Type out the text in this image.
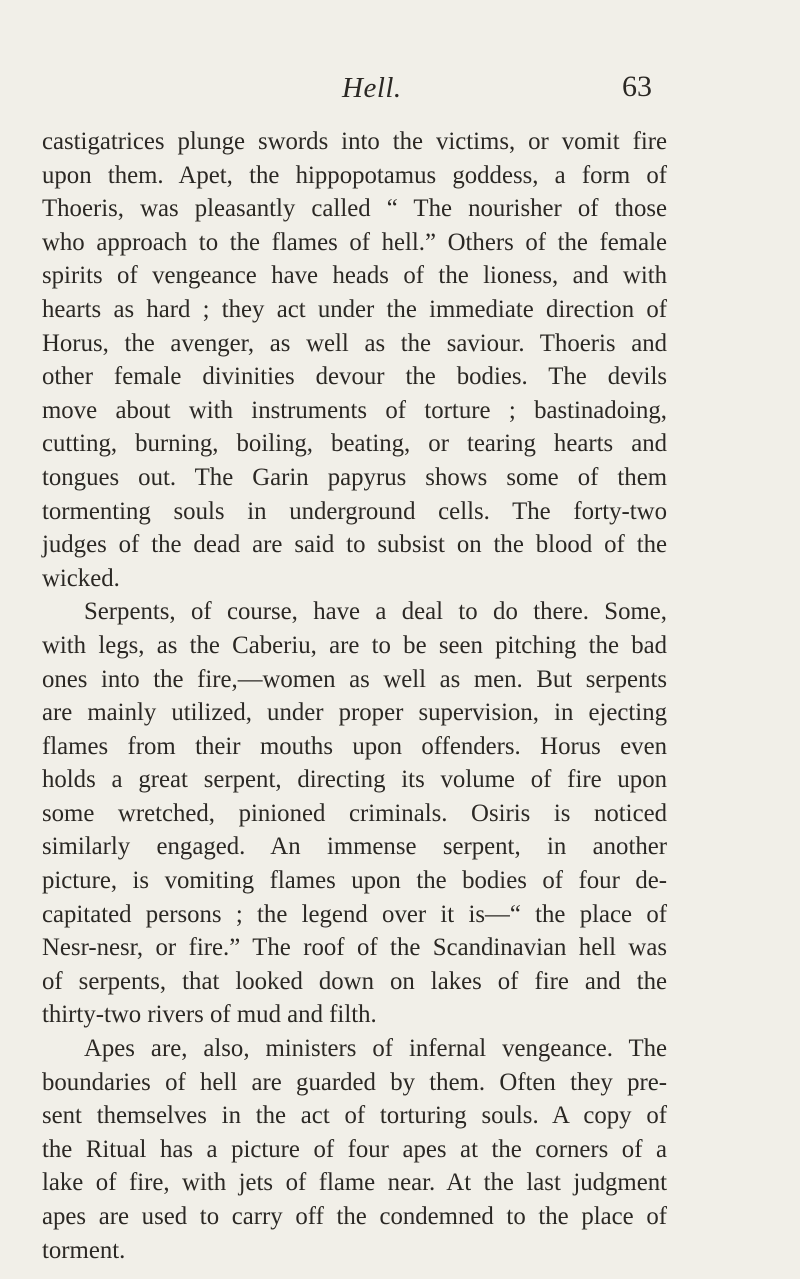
Hell.	63
castigatrices plunge swords into the victims, or vomit fire
upon them. Apet, the hippopotamus goddess, a form of
Thoeris, was pleasantly called “ The nourisher of those
who approach to the flames of hell.” Others of the female
spirits of vengeance have heads of the lioness, and with
hearts as hard ; they act under the immediate direction of
Horus, the avenger, as well as the saviour. Thoeris and
other female divinities devour the bodies. The devils
move about with instruments of torture ; bastinadoing,
cutting, burning, boiling, beating, or tearing hearts and
tongues out. The Garin papyrus shows some of them
tormenting souls in underground cells. The forty-two
judges of the dead are said to subsist on the blood of the
wicked.
Serpents, of course, have a deal to do there. Some,
with legs, as the Caberiu, are to be seen pitching the bad
ones into the fire,—women as well as men. But serpents
are mainly utilized, under proper supervision, in ejecting
flames from their mouths upon offenders. Horus even
holds a great serpent, directing its volume of fire upon
some wretched, pinioned criminals. Osiris is noticed
similarly engaged. An immense serpent, in another
picture, is vomiting flames upon the bodies of four de-
capitated persons ; the legend over it is—“ the place of
Nesr-nesr, or fire.” The roof of the Scandinavian hell was
of serpents, that looked down on lakes of fire and the
thirty-two rivers of mud and filth.
Apes are, also, ministers of infernal vengeance. The
boundaries of hell are guarded by them. Often they pre-
sent themselves in the act of torturing souls. A copy of
the Ritual has a picture of four apes at the corners of a
lake of fire, with jets of flame near. At the last judgment
apes are used to carry off the condemned to the place of
torment.
